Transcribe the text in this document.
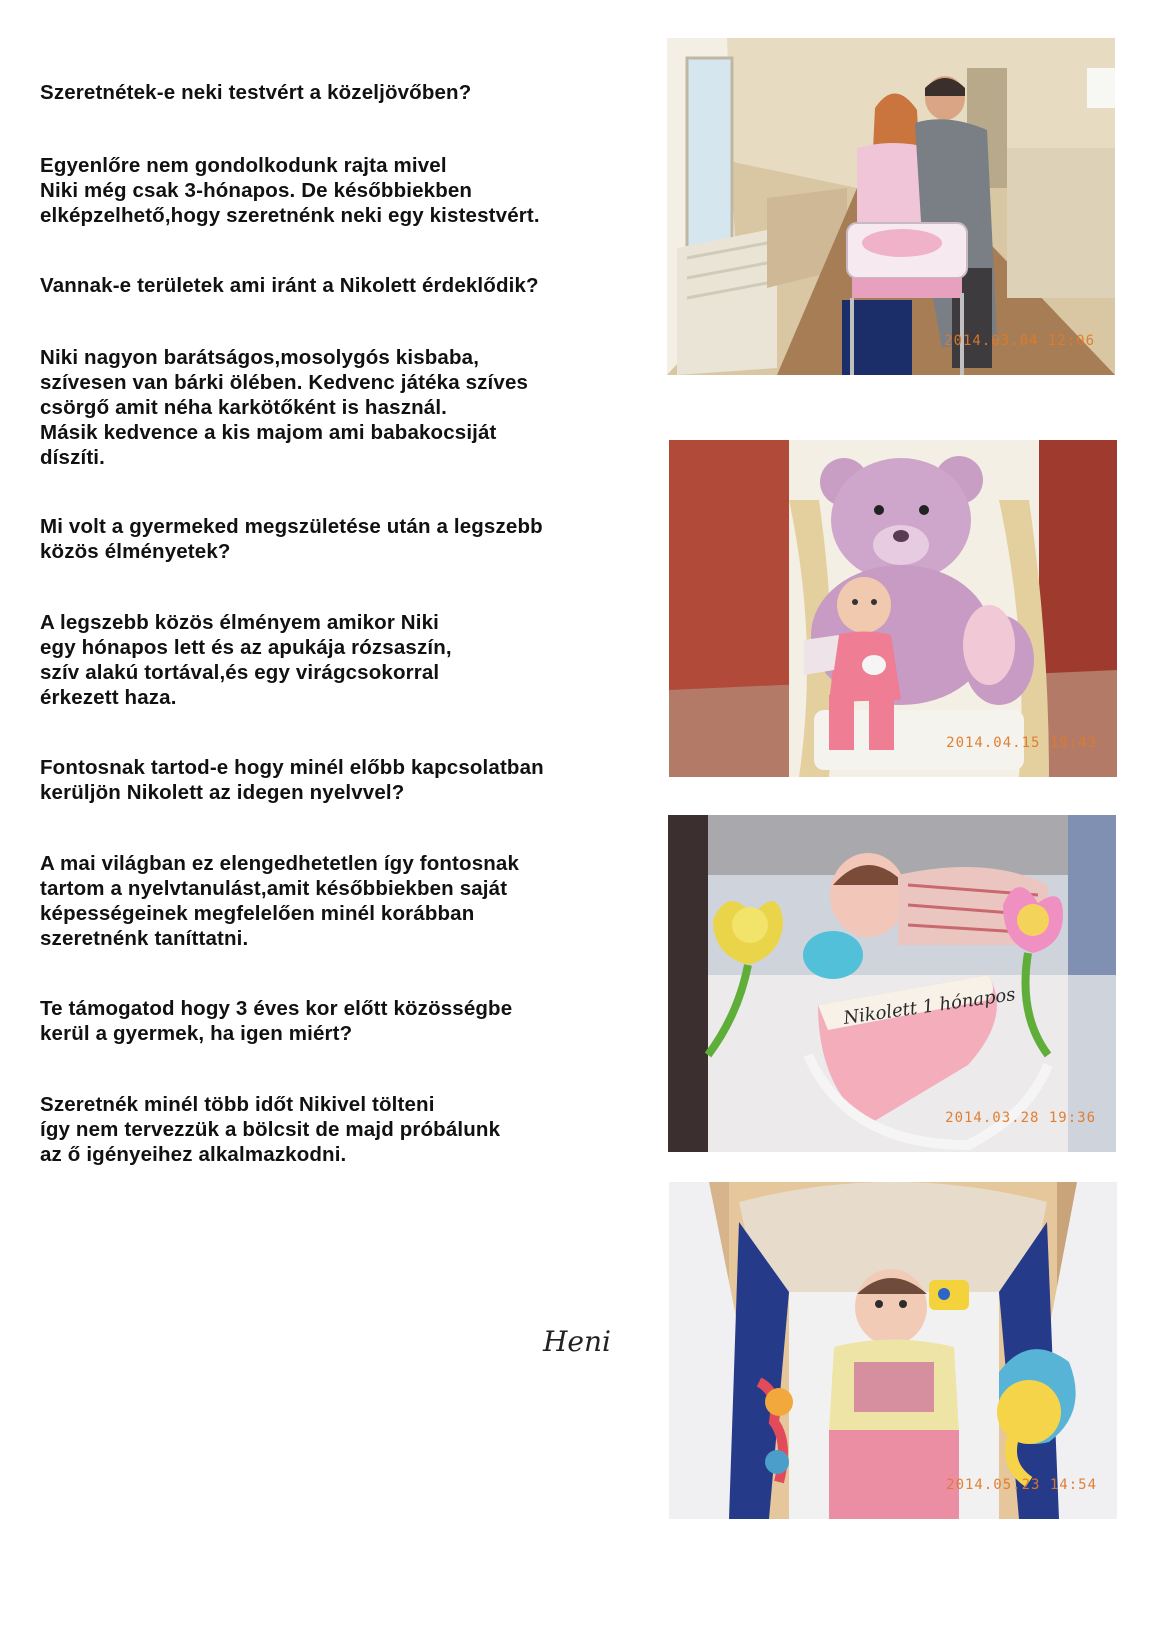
Szeretnétek-e neki testvért a közeljövőben?

Egyenlőre nem gondolkodunk rajta mivel
Niki még csak 3-hónapos. De későbbiekben
elképzelhető,hogy szeretnénk neki egy kistestvért.

Vannak-e területek ami iránt a Nikolett érdeklődik?

Niki nagyon barátságos,mosolygós kisbaba,
szívesen van bárki ölében. Kedvenc játéka szíves
csörgő amit néha karkötőként is használ.
Másik kedvence a kis majom ami babakocsiját
díszíti.

Mi volt a gyermeked megszületése után a legszebb
közös élményetek?

A legszebb közös élményem amikor Niki
egy hónapos lett és az apukája rózsaszín,
szív alakú tortával,és egy virágcsokorral
érkezett haza.

Fontosnak tartod-e hogy minél előbb kapcsolatban
kerüljön Nikolett az idegen nyelvvel?

A mai világban ez elengedhetetlen így fontosnak
tartom a nyelvtanulást,amit későbbiekben saját
képességeinek megfelelően minél korábban
szeretnénk taníttatni.

Te támogatod hogy 3 éves kor előtt közösségbe
kerül a gyermek, ha igen miért?

Szeretnék minél több időt Nikivel tölteni
így nem tervezzük a bölcsit de majd próbálunk
az ő igényeihez alkalmazkodni.

Heni
2014.03.04 12:06
2014.04.15 19:43
Nikolett 1 hónapos
2014.03.28 19:36
2014.05.23 14:54
